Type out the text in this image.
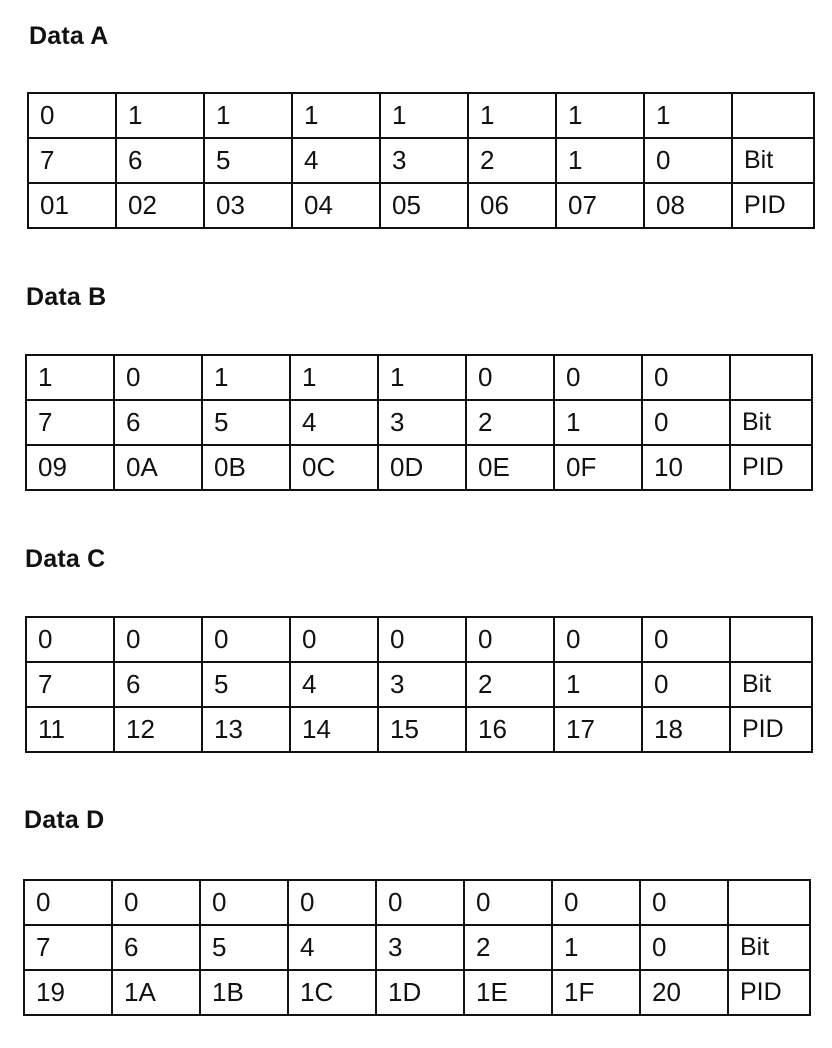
Data A
0	1	1	1	1	1	1	1	
7	6	5	4	3	2	1	0	Bit
01	02	03	04	05	06	07	08	PID
Data B
1	0	1	1	1	0	0	0	
7	6	5	4	3	2	1	0	Bit
09	0A	0B	0C	0D	0E	0F	10	PID
Data C
0	0	0	0	0	0	0	0	
7	6	5	4	3	2	1	0	Bit
11	12	13	14	15	16	17	18	PID
Data D
0	0	0	0	0	0	0	0	
7	6	5	4	3	2	1	0	Bit
19	1A	1B	1C	1D	1E	1F	20	PID
